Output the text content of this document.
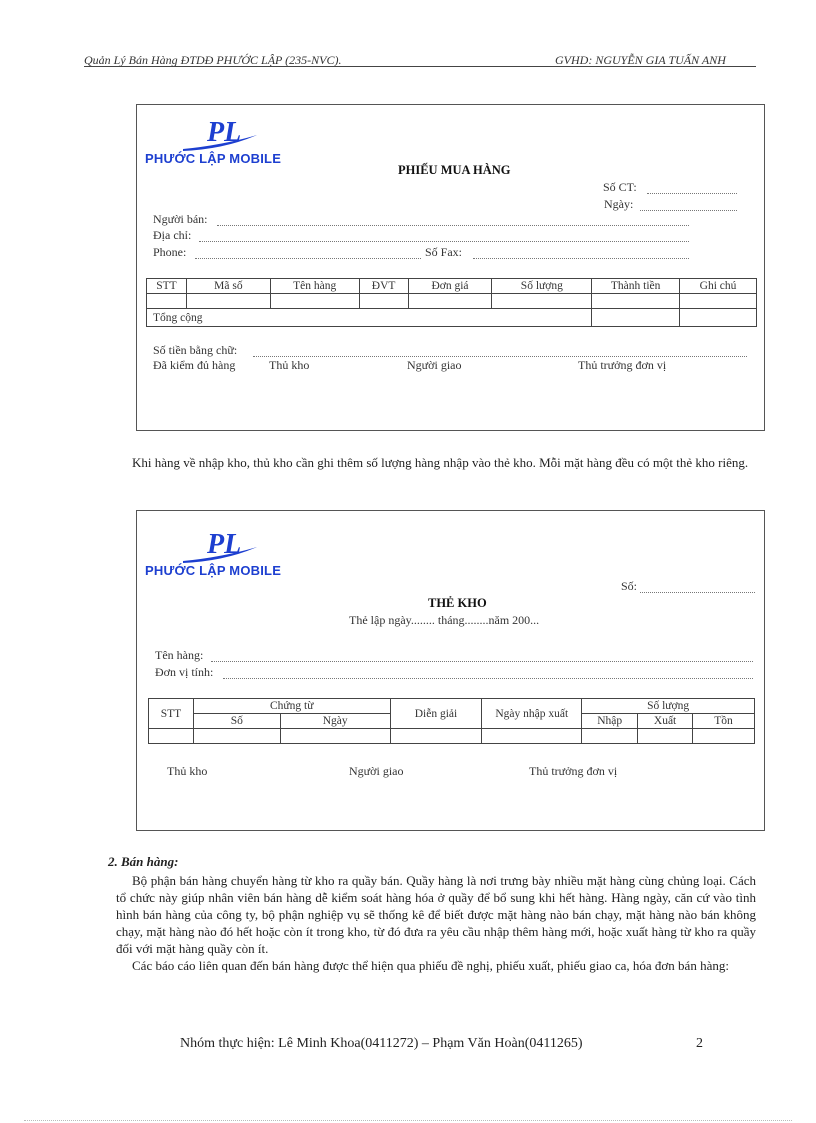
Quản Lý Bán Hàng ĐTDĐ PHƯỚC LẬP (235-NVC).	GVHD: NGUYỄN GIA TUẤN ANH
PL
PHƯỚC LẬP MOBILE
PHIẾU MUA HÀNG
Số CT:
Ngày:
Người bán:
Địa chỉ:
Phone:	Số Fax:
STT	Mã số	Tên hàng	ĐVT	Đơn giá	Số lượng	Thành tiền	Ghi chú

Tổng cộng							
Số tiền bằng chữ:
Đã kiểm đủ hàng	Thủ kho	Người giao	Thủ trưởng đơn vị
Khi hàng về nhập kho, thủ kho cần ghi thêm số lượng hàng nhập vào thẻ kho. Mỗi mặt hàng đều có một thẻ kho riêng.
PL
PHƯỚC LẬP MOBILE
Số:
THẺ KHO
Thẻ lập ngày........ tháng........năm 200...
Tên hàng:
Đơn vị tính:
STT	Chứng từ		Diễn giải	Ngày nhập xuất	Số lượng		
	Số	Ngày			Nhập	Xuất	Tồn

Thủ kho	Người giao	Thủ trưởng đơn vị
2. Bán hàng:

Bộ phận bán hàng chuyển hàng từ kho ra quầy bán. Quầy hàng là nơi trưng bày nhiều mặt hàng cùng chủng loại. Cách tổ chức này giúp nhân viên bán hàng dễ kiểm soát hàng hóa ở quầy để bổ sung khi hết hàng. Hàng ngày, căn cứ vào tình hình bán hàng của công ty, bộ phận nghiệp vụ sẽ thống kê để biết được mặt hàng nào bán chạy, mặt hàng nào bán không chạy, mặt hàng nào đó hết hoặc còn ít trong kho, từ đó đưa ra yêu cầu nhập thêm hàng mới, hoặc xuất hàng từ kho ra quầy đối với mặt hàng quầy còn ít.

Các báo cáo liên quan đến bán hàng được thể hiện qua phiếu đề nghị, phiếu xuất, phiếu giao ca, hóa đơn bán hàng:

Nhóm thực hiện: Lê Minh Khoa(0411272) – Phạm Văn Hoàn(0411265)	2
